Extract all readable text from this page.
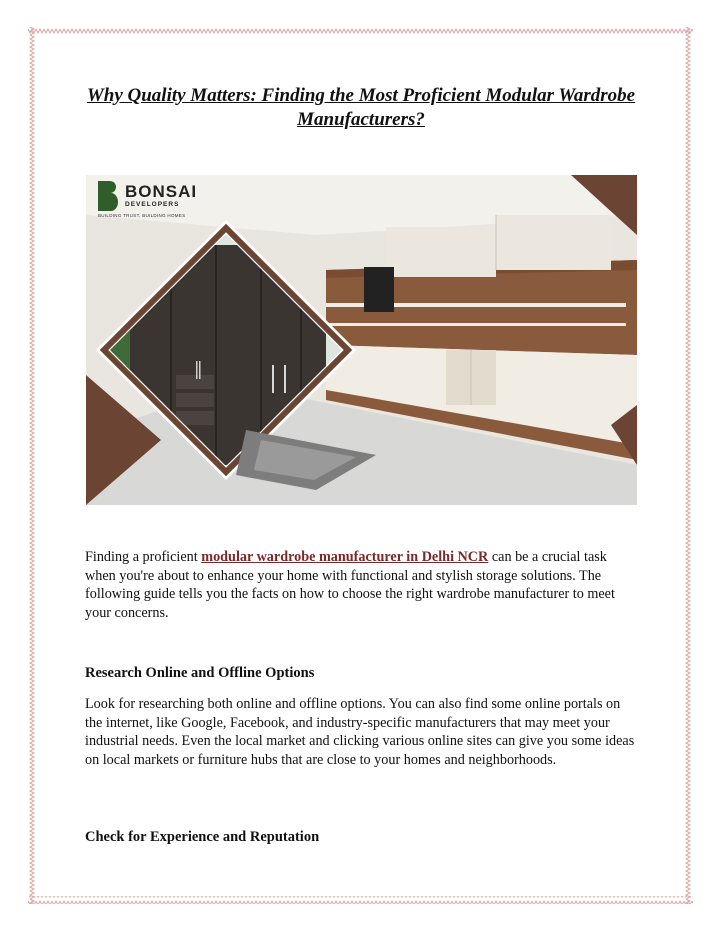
Why Quality Matters: Finding the Most Proficient Modular Wardrobe Manufacturers?
BONSAI
DEVELOPERS
BUILDING TRUST, BUILDING HOMES

Finding a proficient modular wardrobe manufacturer in Delhi NCR can be a crucial task when you're about to enhance your home with functional and stylish storage solutions. The following guide tells you the facts on how to choose the right wardrobe manufacturer to meet your concerns.

Research Online and Offline Options

Look for researching both online and offline options. You can also find some online portals on the internet, like Google, Facebook, and industry-specific manufacturers that may meet your industrial needs. Even the local market and clicking various online sites can give you some ideas on local markets or furniture hubs that are close to your homes and neighborhoods.

Check for Experience and Reputation
